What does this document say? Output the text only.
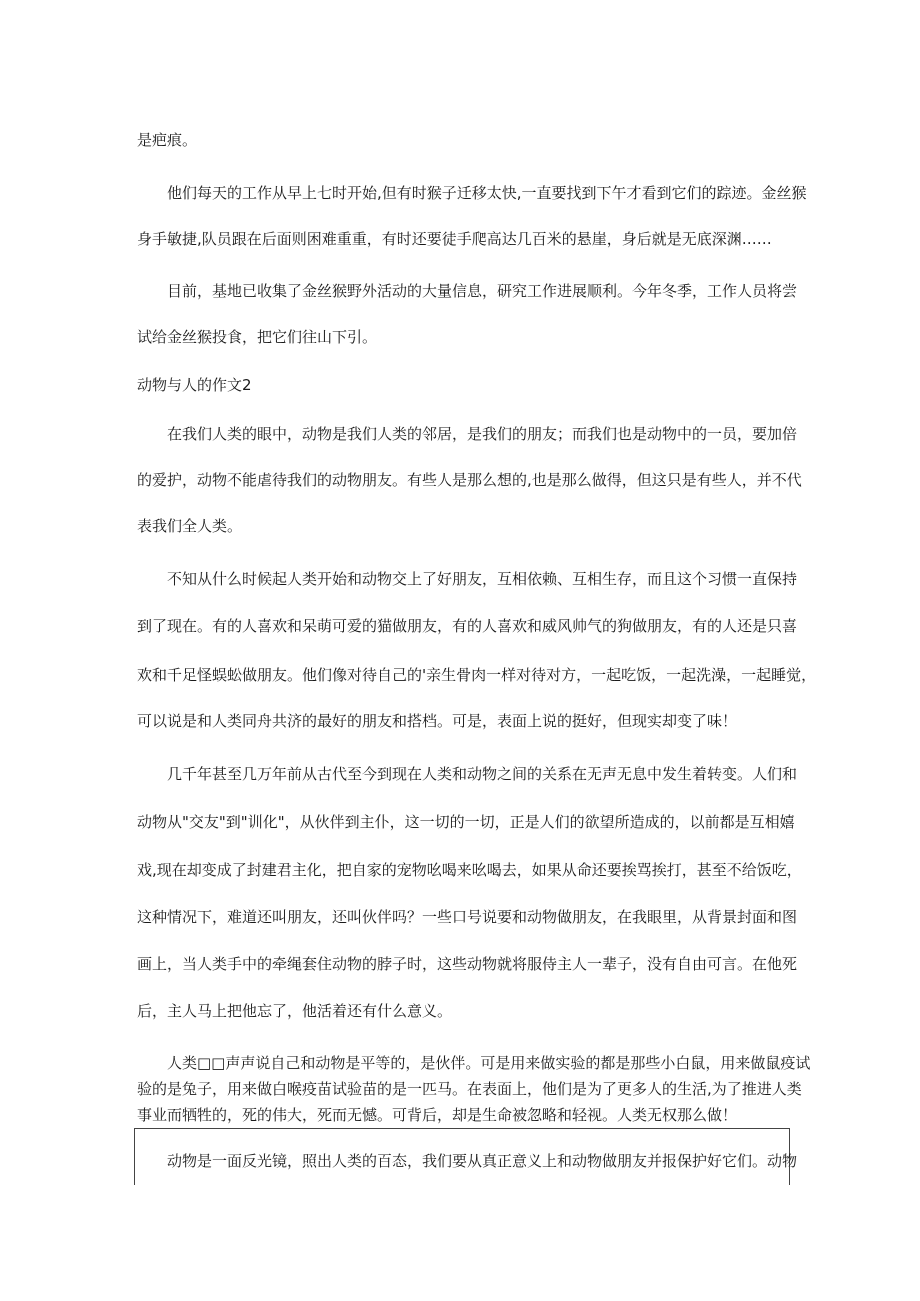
是疤痕。
他们每天的工作从早上七时开始,但有时猴子迁移太快,一直要找到下午才看到它们的踪迹。金丝猴
身手敏捷,队员跟在后面则困难重重，有时还要徒手爬高达几百米的悬崖，身后就是无底深渊……
目前，基地已收集了金丝猴野外活动的大量信息，研究工作进展顺利。今年冬季，工作人员将尝
试给金丝猴投食，把它们往山下引。
动物与人的作文2
在我们人类的眼中，动物是我们人类的邻居，是我们的朋友；而我们也是动物中的一员，要加倍
的爱护，动物不能虐待我们的动物朋友。有些人是那么想的,也是那么做得，但这只是有些人，并不代
表我们全人类。
不知从什么时候起人类开始和动物交上了好朋友，互相依赖、互相生存，而且这个习惯一直保持
到了现在。有的人喜欢和呆萌可爱的猫做朋友，有的人喜欢和威风帅气的狗做朋友，有的人还是只喜
欢和千足怪蜈蚣做朋友。他们像对待自己的'亲生骨肉一样对待对方，一起吃饭，一起洗澡，一起睡觉，
可以说是和人类同舟共济的最好的朋友和搭档。可是，表面上说的挺好，但现实却变了味！
几千年甚至几万年前从古代至今到现在人类和动物之间的关系在无声无息中发生着转变。人们和
动物从"交友"到"训化"，从伙伴到主仆，这一切的一切，正是人们的欲望所造成的，以前都是互相嬉
戏,现在却变成了封建君主化，把自家的宠物吆喝来吆喝去，如果从命还要挨骂挨打，甚至不给饭吃，
这种情况下，难道还叫朋友，还叫伙伴吗？一些口号说要和动物做朋友，在我眼里，从背景封面和图
画上，当人类手中的牵绳套住动物的脖子时，这些动物就将服侍主人一辈子，没有自由可言。在他死
后，主人马上把他忘了，他活着还有什么意义。
人类□□声声说自己和动物是平等的，是伙伴。可是用来做实验的都是那些小白鼠，用来做鼠疫试
验的是兔子，用来做白喉疫苗试验苗的是一匹马。在表面上，他们是为了更多人的生活,为了推进人类
事业而牺牲的，死的伟大，死而无憾。可背后，却是生命被忽略和轻视。人类无权那么做！
动物是一面反光镜，照出人类的百态，我们要从真正意义上和动物做朋友并报保护好它们。动物
